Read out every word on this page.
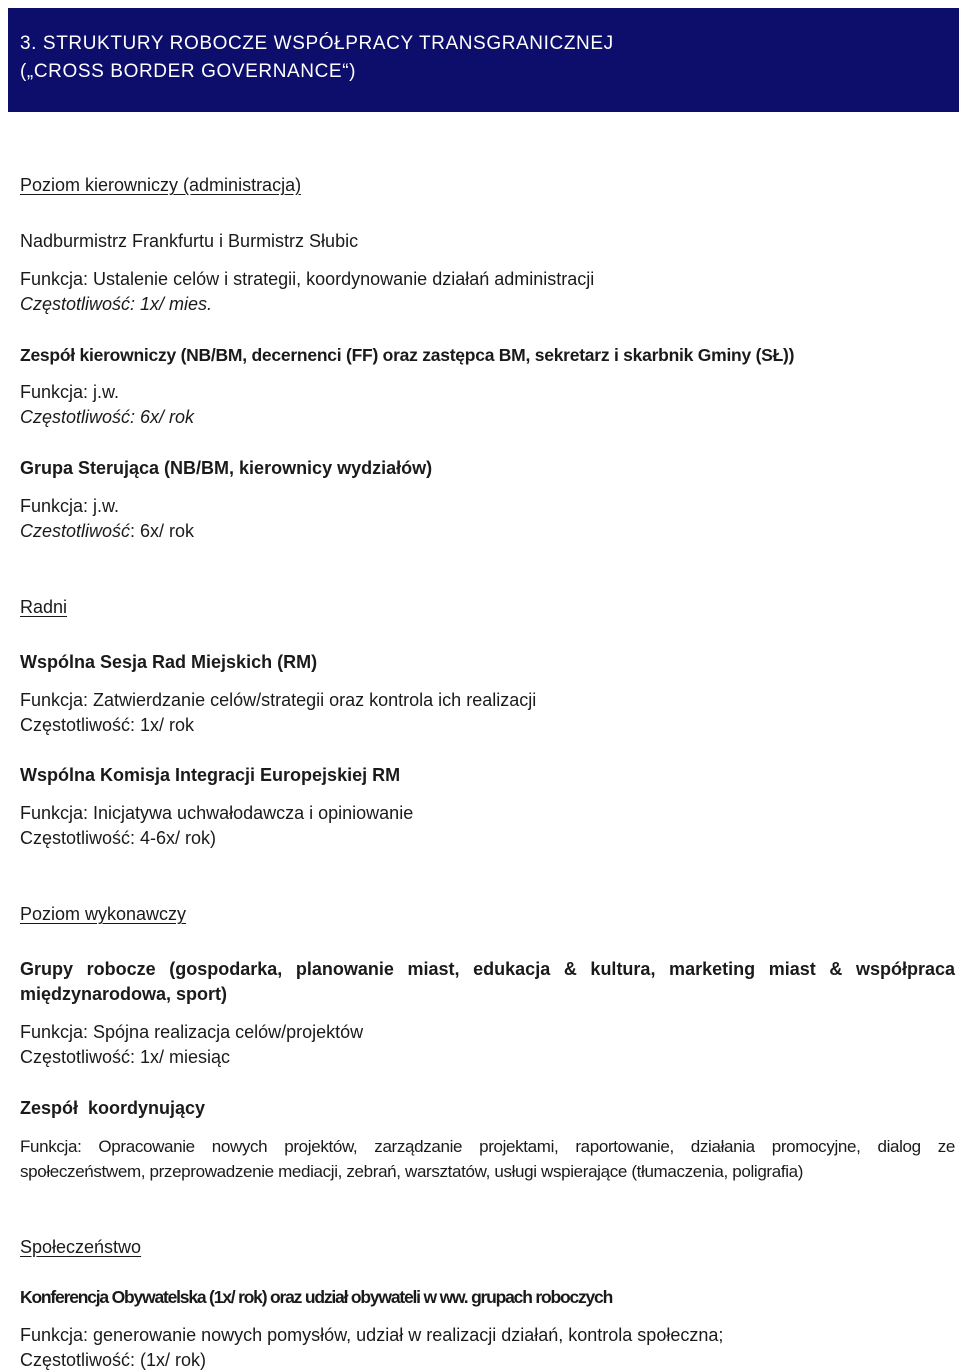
3. STRUKTURY ROBOCZE WSPÓŁPRACY TRANSGRANICZNEJ
(„CROSS BORDER GOVERNANCE“)

Poziom kierowniczy (administracja)

Nadburmistrz Frankfurtu i Burmistrz Słubic

Funkcja: Ustalenie celów i strategii, koordynowanie działań administracji

Częstotliwość: 1x/ mies.

Zespół kierowniczy (NB/BM, decernenci (FF) oraz zastępca BM, sekretarz i skarbnik Gminy (SŁ))

Funkcja: j.w.

Częstotliwość: 6x/ rok

Grupa Sterująca (NB/BM, kierownicy wydziałów)

Funkcja: j.w.

Czestotliwość: 6x/ rok

Radni

Wspólna Sesja Rad Miejskich (RM)

Funkcja: Zatwierdzanie celów/strategii oraz kontrola ich realizacji

Częstotliwość: 1x/ rok

Wspólna Komisja Integracji Europejskiej RM

Funkcja: Inicjatywa uchwałodawcza i opiniowanie

Częstotliwość: 4-6x/ rok)

Poziom wykonawczy

Grupy robocze (gospodarka, planowanie miast, edukacja & kultura, marketing miast & współpraca

międzynarodowa, sport)

Funkcja: Spójna realizacja celów/projektów

Częstotliwość: 1x/ miesiąc

Zespół  koordynujący

Funkcja: Opracowanie nowych projektów, zarządzanie projektami, raportowanie, działania promocyjne, dialog ze
społeczeństwem, przeprowadzenie mediacji, zebrań, warsztatów, usługi wspierające (tłumaczenia, poligrafia)

Społeczeństwo

Konferencja Obywatelska (1x/ rok) oraz udział obywateli w ww. grupach roboczych

Funkcja: generowanie nowych pomysłów, udział w realizacji działań, kontrola społeczna;

Częstotliwość: (1x/ rok)
